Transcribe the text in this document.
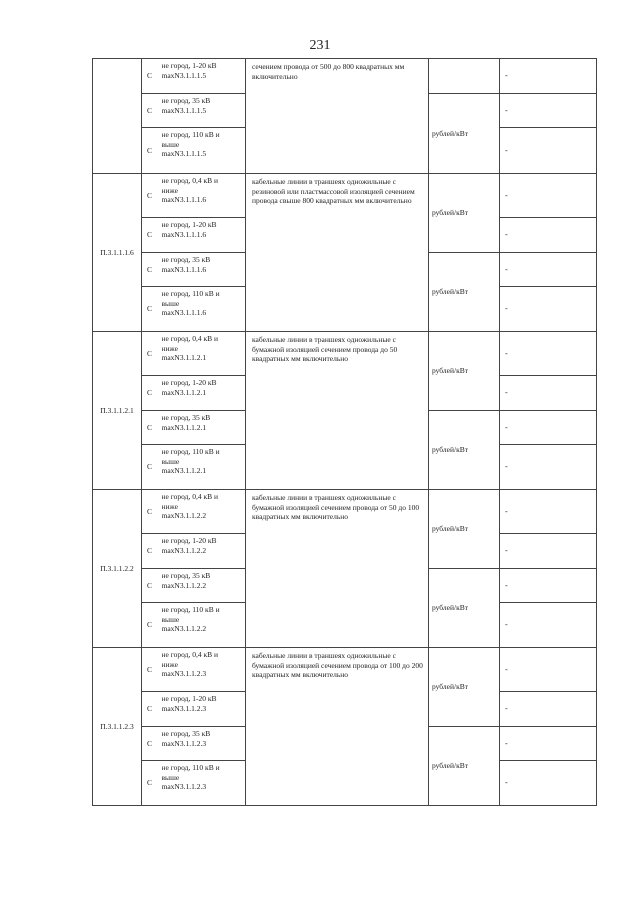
231
	С	не город, 1-20 кВ
maxN3.1.1.1.5	сечением провода от 500 до 800 квадратных мм включительно		-
	С	не город, 35 кВ
maxN3.1.1.1.5		рублей/кВт	-
	С	не город, 110 кВ и
выше
maxN3.1.1.1.5			-
П.3.1.1.1.6	С	не город, 0,4 кВ и
ниже
maxN3.1.1.1.6	кабельные линии в траншеях одножильные с резиновой или пластмассовой изоляцией сечением провода свыше 800 квадратных мм включительно	рублей/кВт	-
	С	не город, 1-20 кВ
maxN3.1.1.1.6			-
	С	не город, 35 кВ
maxN3.1.1.1.6		рублей/кВт	-
	С	не город, 110 кВ и
выше
maxN3.1.1.1.6			-
П.3.1.1.2.1	С	не город, 0,4 кВ и
ниже
maxN3.1.1.2.1	кабельные линии в траншеях одножильные с бумажной изоляцией сечением провода до 50 квадратных мм включительно	рублей/кВт	-
	С	не город, 1-20 кВ
maxN3.1.1.2.1			-
	С	не город, 35 кВ
maxN3.1.1.2.1		рублей/кВт	-
	С	не город, 110 кВ и
выше
maxN3.1.1.2.1			-
П.3.1.1.2.2	С	не город, 0,4 кВ и
ниже
maxN3.1.1.2.2	кабельные линии в траншеях одножильные с бумажной изоляцией сечением провода от 50 до 100 квадратных мм включительно	рублей/кВт	-
	С	не город, 1-20 кВ
maxN3.1.1.2.2			-
	С	не город, 35 кВ
maxN3.1.1.2.2		рублей/кВт	-
	С	не город, 110 кВ и
выше
maxN3.1.1.2.2			-
П.3.1.1.2.3	С	не город, 0,4 кВ и
ниже
maxN3.1.1.2.3	кабельные линии в траншеях одножильные с бумажной изоляцией сечением провода от 100 до 200 квадратных мм включительно	рублей/кВт	-
	С	не город, 1-20 кВ
maxN3.1.1.2.3			-
	С	не город, 35 кВ
maxN3.1.1.2.3		рублей/кВт	-
	С	не город, 110 кВ и
выше
maxN3.1.1.2.3			-
